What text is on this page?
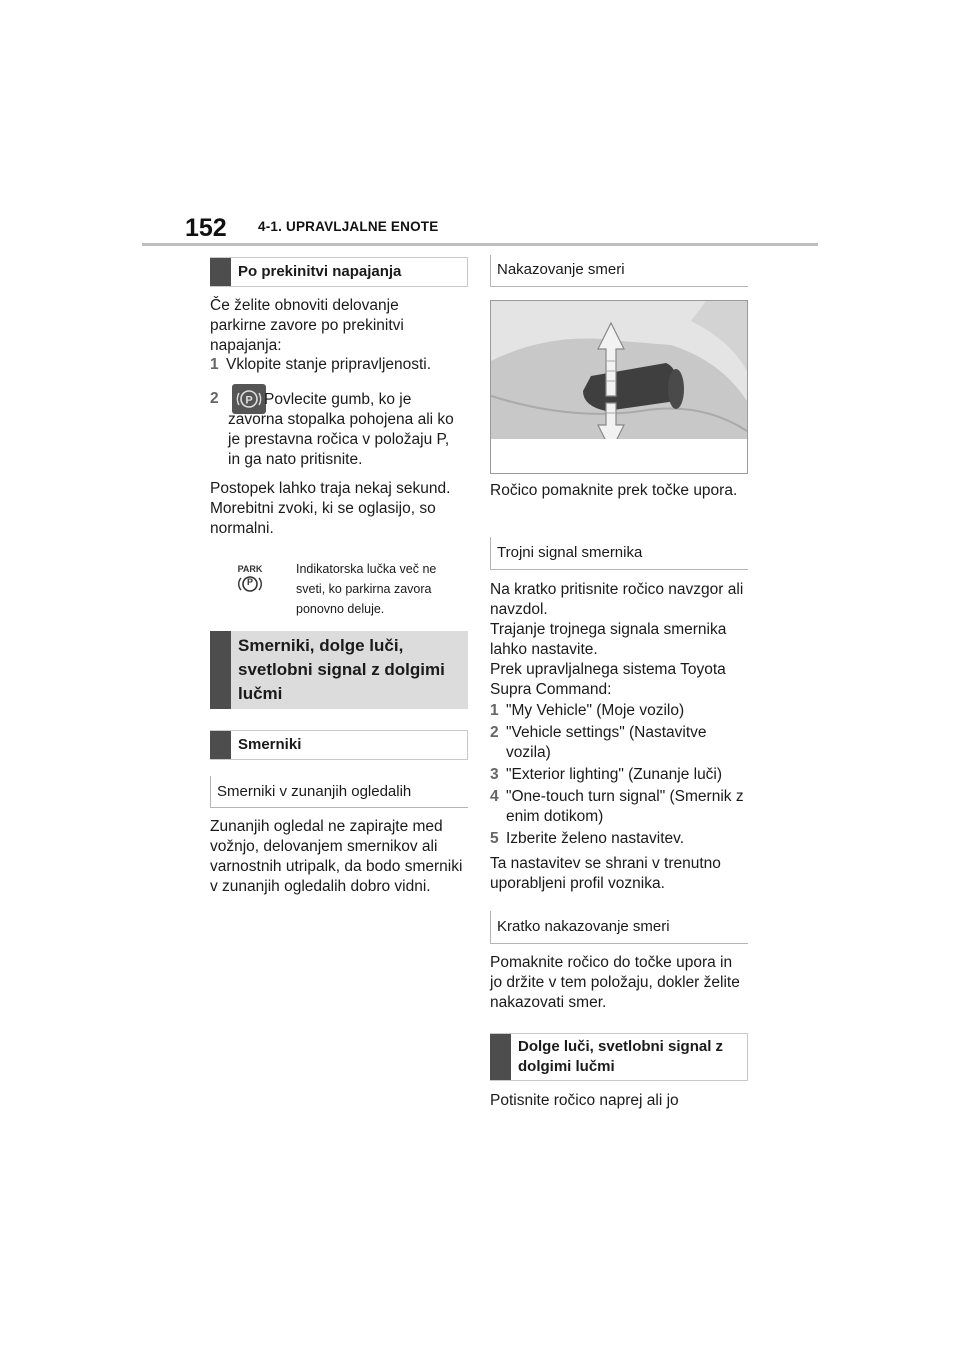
152 4-1. UPRAVLJALNE ENOTE
Po prekinitvi napajanja

Če želite obnoviti delovanje parkirne zavore po prekinitvi napajanja:

1 Vklopite stanje pripravljenosti.
2	P Povlecite gumb, ko je zavorna stopalka pohojena ali ko je prestavna ročica v položaju P, in ga nato pritisnite.

Postopek lahko traja nekaj sekund. Morebitni zvoki, ki se oglasijo, so normalni.

PARK
P

Indikatorska lučka več ne sveti, ko parkirna zavora ponovno deluje.

Smerniki, dolge luči, svetlobni signal z dolgimi lučmi
Smerniki
Smerniki v zunanjih ogledalih

Zunanjih ogledal ne zapirajte med vožnjo, delovanjem smernikov ali varnostnih utripalk, da bodo smerniki v zunanjih ogledalih dobro vidni.

Nakazovanje smeri

Ročico pomaknite prek točke upora.

Trojni signal smernika

Na kratko pritisnite ročico navzgor ali navzdol.

Trajanje trojnega signala smernika lahko nastavite.

Prek upravljalnega sistema Toyota Supra Command:

1 "My Vehicle" (Moje vozilo)
2 "Vehicle settings" (Nastavitve vozila)
3 "Exterior lighting" (Zunanje luči)
4 "One-touch turn signal" (Smernik z enim dotikom)
5 Izberite želeno nastavitev.

Ta nastavitev se shrani v trenutno uporabljeni profil voznika.

Kratko nakazovanje smeri

Pomaknite ročico do točke upora in jo držite v tem položaju, dokler želite nakazovati smer.

Dolge luči, svetlobni signal z dolgimi lučmi

Potisnite ročico naprej ali jo
